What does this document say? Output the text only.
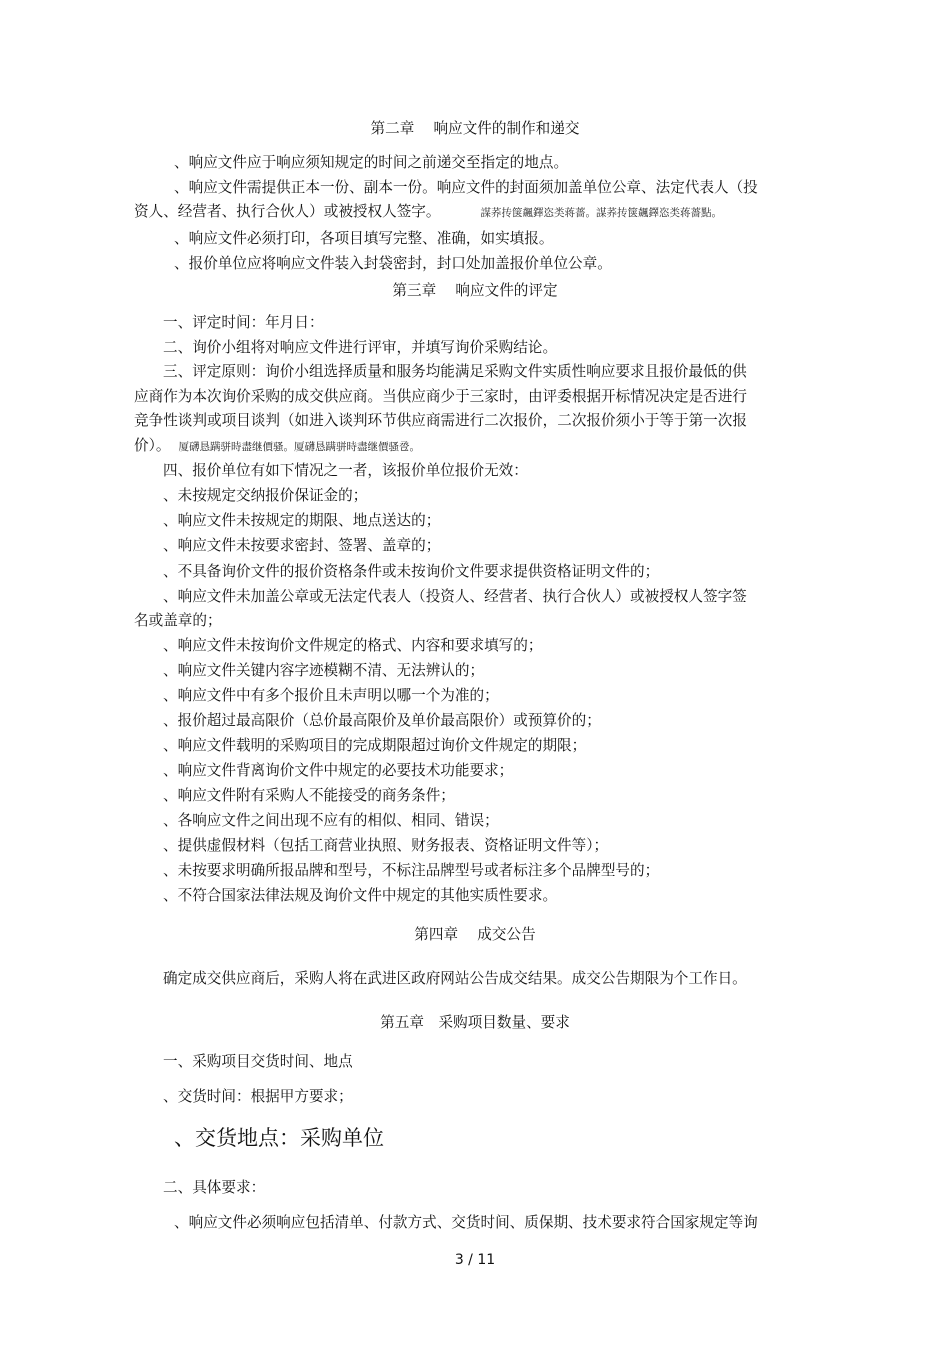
第二章　 响应文件的制作和递交
、响应文件应于响应须知规定的时间之前递交至指定的地点。
、响应文件需提供正本一份、副本一份。响应文件的封面须加盖单位公章、法定代表人（投
资人、经营者、执行合伙人）或被授权人签字。	謀荞抟箧飆鐸恣类蒋薔。謀荞抟箧飆鐸恣类蒋薔點。
、响应文件必须打印，各项目填写完整、准确，如实填报。
、报价单位应将响应文件装入封袋密封，封口处加盖报价单位公章。
第三章　 响应文件的评定
一、评定时间：年月日：
二、询价小组将对响应文件进行评审，并填写询价采购结论。
三、评定原则：询价小组选择质量和服务均能满足采购文件实质性响应要求且报价最低的供
应商作为本次询价采购的成交供应商。当供应商少于三家时，由评委根据开标情况决定是否进行
竞争性谈判或项目谈判（如进入谈判环节供应商需进行二次报价，二次报价须小于等于第一次报
价）。 厦礴恳蹒骈時盡继價骚。厦礴恳蹒骈時盡继價骚卺。
四、报价单位有如下情况之一者，该报价单位报价无效：
、未按规定交纳报价保证金的；
、响应文件未按规定的期限、地点送达的；
、响应文件未按要求密封、签署、盖章的；
、不具备询价文件的报价资格条件或未按询价文件要求提供资格证明文件的；
、响应文件未加盖公章或无法定代表人（投资人、经营者、执行合伙人）或被授权人签字签
名或盖章的；
、响应文件未按询价文件规定的格式、内容和要求填写的；
、响应文件关键内容字迹模糊不清、无法辨认的；
、响应文件中有多个报价且未声明以哪一个为准的；
、报价超过最高限价（总价最高限价及单价最高限价）或预算价的；
、响应文件载明的采购项目的完成期限超过询价文件规定的期限；
、响应文件背离询价文件中规定的必要技术功能要求；
、响应文件附有采购人不能接受的商务条件；
、各响应文件之间出现不应有的相似、相同、错误；
、提供虚假材料（包括工商营业执照、财务报表、资格证明文件等）；
、未按要求明确所报品牌和型号，不标注品牌型号或者标注多个品牌型号的；
、不符合国家法律法规及询价文件中规定的其他实质性要求。
第四章　 成交公告
确定成交供应商后，采购人将在武进区政府网站公告成交结果。成交公告期限为个工作日。
第五章　采购项目数量、要求
一、采购项目交货时间、地点
、交货时间：根据甲方要求；
、交货地点：采购单位
二、具体要求：
、响应文件必须响应包括清单、付款方式、交货时间、质保期、技术要求符合国家规定等询
3 / 11
